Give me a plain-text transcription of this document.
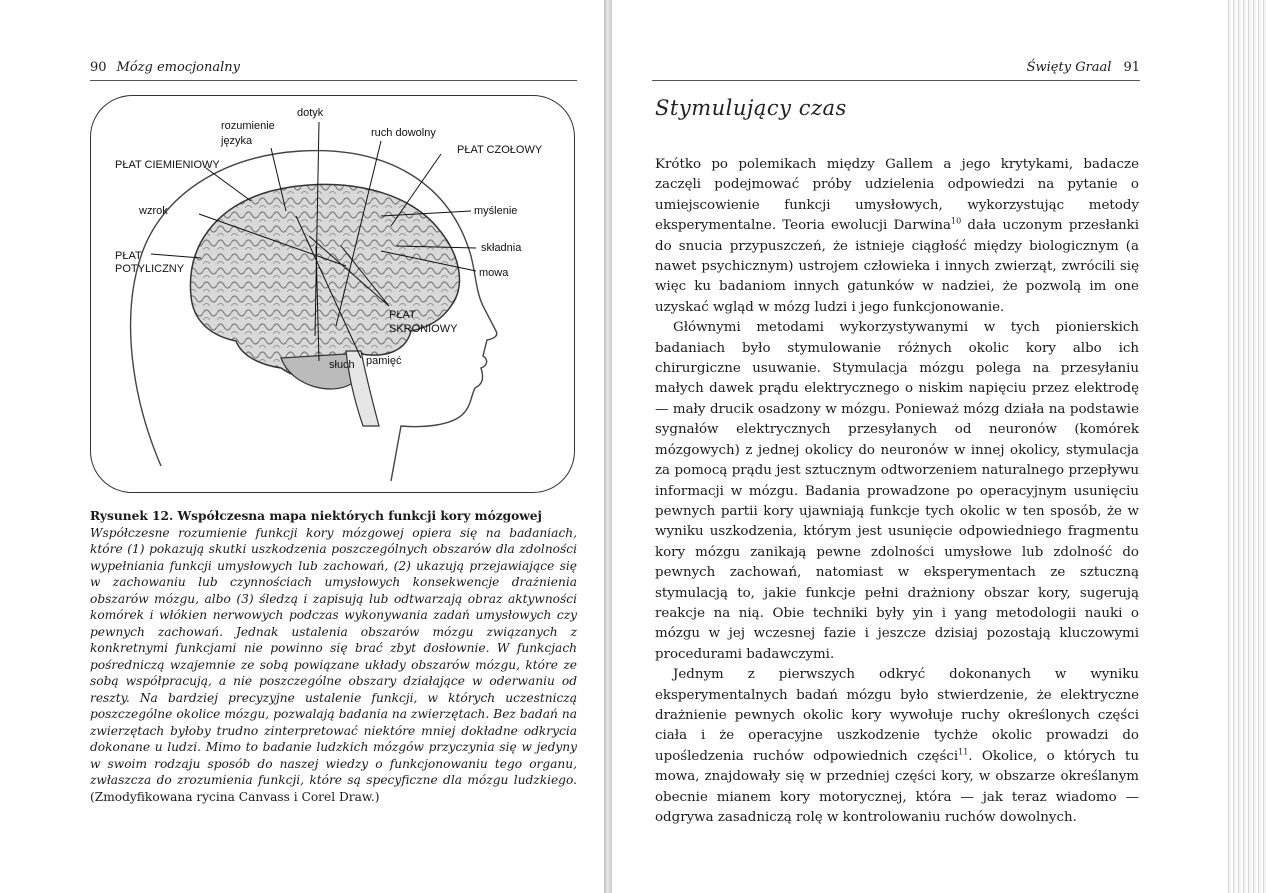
90 Mózg emocjonalny
dotyk
rozumienie
języka
ruch dowolny
PŁAT CZOŁOWY
PŁAT CIEMIENIOWY
wzrok	myślenie
składnia
PŁAT
POTYLICZNY	mowa
PŁAT
SKRONIOWY
słuch pamięć
Rysunek 12. Współczesna mapa niektórych funkcji kory mózgowej
Współczesne rozumienie funkcji kory mózgowej opiera się na badaniach, które (1) pokazują skutki uszkodzenia poszczególnych obszarów dla zdolności wypełniania funkcji umysłowych lub zachowań, (2) ukazują przejawiające się w zachowaniu lub czynnościach umysłowych konsekwencje drażnienia obszarów mózgu, albo (3) śledzą i zapisują lub odtwarzają obraz aktywności komórek i włókien nerwowych podczas wykonywania zadań umysłowych czy pewnych zachowań. Jednak ustalenia obszarów mózgu związanych z konkretnymi funkcjami nie powinno się brać zbyt dosłownie. W funkcjach pośredniczą wzajemnie ze sobą powiązane układy obszarów mózgu, które ze sobą współpracują, a nie poszczególne obszary działające w oderwaniu od reszty. Na bardziej precyzyjne ustalenie funkcji, w których uczestniczą poszczególne okolice mózgu, pozwalają badania na zwierzętach. Bez badań na zwierzętach byłoby trudno zinterpretować niektóre mniej dokładne odkrycia dokonane u ludzi. Mimo to badanie ludzkich mózgów przyczynia się w jedyny w swoim rodzaju sposób do naszej wiedzy o funkcjonowaniu tego organu, zwłaszcza do zrozumienia funkcji, które są specyficzne dla mózgu ludzkiego. (Zmodyfikowana rycina Canvass i Corel Draw.)
Święty Graal 91
Stymulujący czas

Krótko po polemikach między Gallem a jego krytykami, badacze zaczęli podejmować próby udzielenia odpowiedzi na pytanie o umiejscowienie funkcji umysłowych, wykorzystując metody eksperymentalne. Teoria ewolucji Darwina$^{10}$ dała uczonym przesłanki do snucia przypuszczeń, że istnieje ciągłość między biologicznym (a nawet psychicznym) ustrojem człowieka i innych zwierząt, zwrócili się więc ku badaniom innych gatunków w nadziei, że pozwolą im one uzyskać wgląd w mózg ludzi i jego funkcjonowanie.

Głównymi metodami wykorzystywanymi w tych pionierskich badaniach było stymulowanie różnych okolic kory albo ich chirurgiczne usuwanie. Stymulacja mózgu polega na przesyłaniu małych dawek prądu elektrycznego o niskim napięciu przez elektrodę — mały drucik osadzony w mózgu. Ponieważ mózg działa na podstawie sygnałów elektrycznych przesyłanych od neuronów (komórek mózgowych) z jednej okolicy do neuronów w innej okolicy, stymulacja za pomocą prądu jest sztucznym odtworzeniem naturalnego przepływu informacji w mózgu. Badania prowadzone po operacyjnym usunięciu pewnych partii kory ujawniają funkcje tych okolic w ten sposób, że w wyniku uszkodzenia, którym jest usunięcie odpowiedniego fragmentu kory mózgu zanikają pewne zdolności umysłowe lub zdolność do pewnych zachowań, natomiast w eksperymentach ze sztuczną stymulacją to, jakie funkcje pełni drażniony obszar kory, sugerują reakcje na nią. Obie techniki były yin i yang metodologii nauki o mózgu w jej wczesnej fazie i jeszcze dzisiaj pozostają kluczowymi procedurami badawczymi.

Jednym z pierwszych odkryć dokonanych w wyniku eksperymentalnych badań mózgu było stwierdzenie, że elektryczne drażnienie pewnych okolic kory wywołuje ruchy określonych części ciała i że operacyjne uszkodzenie tychże okolic prowadzi do upośledzenia ruchów odpowiednich części$^{11}$. Okolice, o których tu mowa, znajdowały się w przedniej części kory, w obszarze określanym obecnie mianem kory motorycznej, która — jak teraz wiadomo — odgrywa zasadniczą rolę w kontrolowaniu ruchów dowolnych.
